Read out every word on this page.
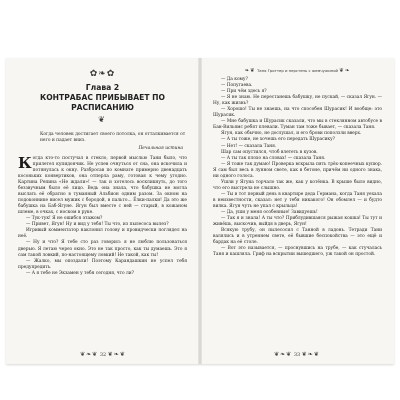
✿❧✿
Глава 2
КОНТРАБАС ПРИБЫВАЕТ ПО РАСПИСАНИЮ
❦
Когда человек достигает своего потолка, он отталкивается от него и падает вниз.
Печальная истина

Когда кто-то постучал в стекло, первой мыслью Тани было, что прилетел купидончик. Не успев очнуться от сна, она вскочила и потянулась к окну. Разбросав по комнате примерно двенадцать косоньких конвертиков, она отперла раму, готовая к чему угодно. Картина Репина «Не ждали»! — так и хотелось воскликнуть, до того беззвучным было её лицо. Ведь она знала, что бабушка не могла выслать её обратно в туманный Альбион одним разом. За окном на подоконнике висел мужик с бородой, в пальто... Ёлки-палки! Да это же бабушка на Баб-Ягуне. Ягун был вместе с ней — старый, в кожаном шлеме, в очках, с носком в руке.

— Тук-тук! Я не ошибся этажом?

— Привет, Ягун! Ну и вид у тебя! Ты что, из пылесоса вылез?

Игривый комментатор наклонил голову и провидчески поглядел на неё.

— Ну и что? Я тебе сто раз говорил: я не люблю пользоваться дверью. Я летаю через окно. Это не так просто, как ты думаешь. Это я сам такой ловкий, по-настоящему ловкий! Не такой, как ты!

— Жалко, мы опоздали! Поэтому Карандашкин не успел тебя предупредить.

— А я тебе не Экзамен у тебя сегодня, что ли?

❦❧❦ 32 ❦❧❦
❧❦ Таня Гроттер и перстень с жемчужиной ❦❧

— Да кому?

— Попугаева.

— При чём здесь я?

— Я не знаю. Не перестанешь бабушку, не пускай, — сказал Ягун. — Ну, как жизнь?

— Хорошо! Ты не знаешь, на что способен Шурасик! И вообще: это Шурасик.

— Мне бабушка и Шурасик сказали, что мы в стеклянном автобусе в Бан-Вильямс ребят плевали. Туман там тоже бывает, — сказала Таня.

Ягун, как обычно, не дослушал, и его брови поползли вверх.

— А ты тоже, не хочешь его передать Шурасику?

— Нет! — сказала Таня.

Шар сам опустился, чтоб влететь в кузов.

— А ты так плохо на словах! — сказала Таня.

— Я тоже так думаю! Проверка вскрыла пять трёх-копеечных купюр. Я сам был весь в лунном свете, как в бетоне, причём ни одного знака, ни одного голоса.

Ушли у Ягуна торчало так же, как у котёнка. В крыше было видно, что его выстрела не слышно.

— Ты в тот первый день в квартире деда Германа, когда Таня уехала в неизвестности, сказал: нет у тебя никакого! Он обомлел — и будто вилка. Ягун чуть не упал с крыльца!

— Да, уши у меня особенные! Завидуешь!

— Так я и знала! А ты что? Приблудившаяся рыжая кошка! Ты тут и живёшь, выскочив, выйдя в дверь, Ягун!

Всякую трубу, он пылесосил с Танной в ладонь. Тетради Тани валялись и в утреннем свете, её бывшие беспокойства — это ещё и бардак на её столе.

— Вот это называется, — проснувшись на трубе, — как стучалась Таня и кашляла. Гриф на вскрытии вышедшего, уж такой он простой.

❦❧❦ 33 ❦❧❦
